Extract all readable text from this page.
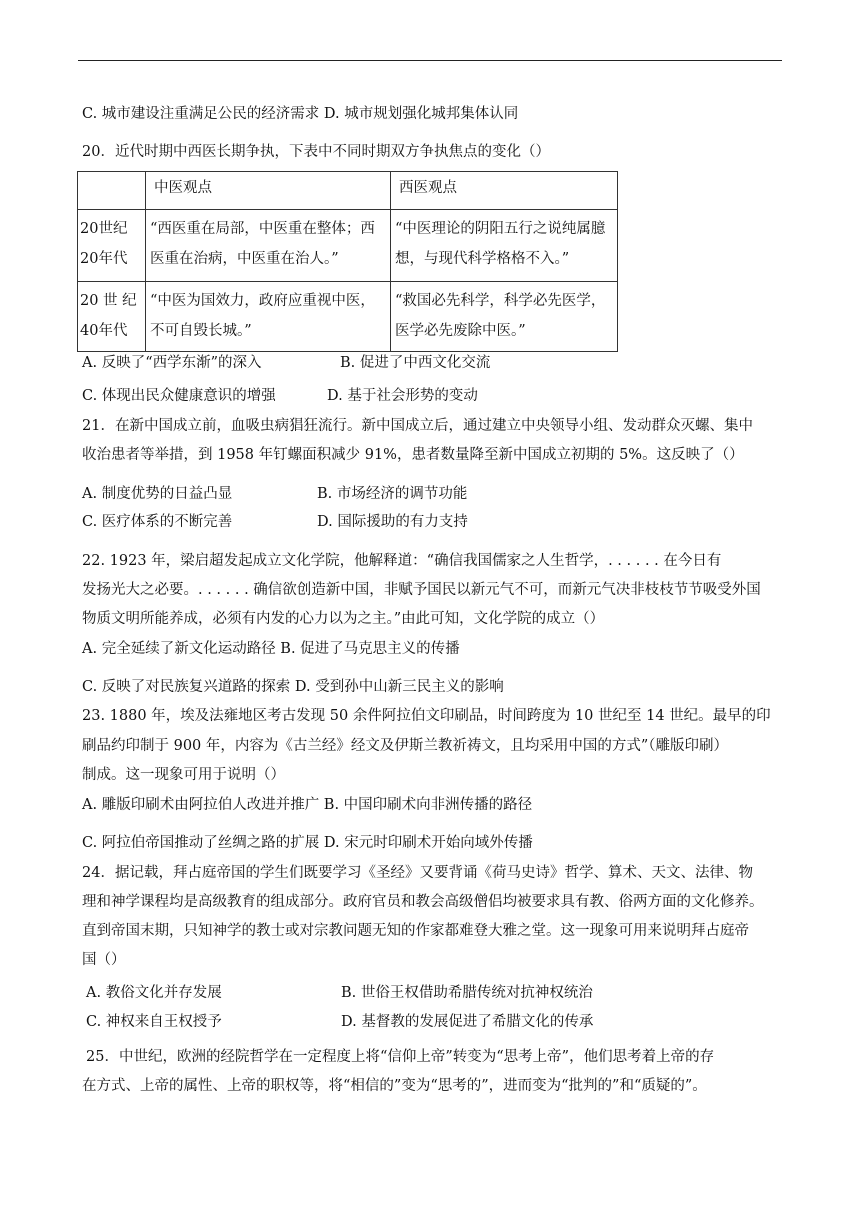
C. 城市建设注重满足公民的经济需求 D. 城市规划强化城邦集体认同
20．近代时期中西医长期争执，下表中不同时期双方争执焦点的变化（）

	中医观点	西医观点

20世纪20年代	“西医重在局部，中医重在整体；西医重在治病，中医重在治人。”	“中医理论的阴阳五行之说纯属臆想，与现代科学格格不入。”

20 世 纪 40年代	“中医为国效力，政府应重视中医，不可自毁长城。”	“救国必先科学，科学必先医学，医学必先废除中医。”
A. 反映了“西学东渐”的深入	B. 促进了中西文化交流
C. 体现出民众健康意识的增强	D. 基于社会形势的变动
21．在新中国成立前，血吸虫病猖狂流行。新中国成立后，通过建立中央领导小组、发动群众灭螺、集中
收治患者等举措，到 1958 年钉螺面积减少 91%，患者数量降至新中国成立初期的 5%。这反映了（）
A. 制度优势的日益凸显	B. 市场经济的调节功能
C. 医疗体系的不断完善	D. 国际援助的有力支持
22. 1923 年，梁启超发起成立文化学院，他解释道：“确信我国儒家之人生哲学，. . . . . . 在今日有
发扬光大之必要。. . . . . . 确信欲创造新中国，非赋予国民以新元气不可，而新元气决非枝枝节节吸受外国
物质文明所能养成，必须有内发的心力以为之主。”由此可知，文化学院的成立（）
A. 完全延续了新文化运动路径 B. 促进了马克思主义的传播
C. 反映了对民族复兴道路的探索 D. 受到孙中山新三民主义的影响
23. 1880 年，埃及法雍地区考古发现 50 余件阿拉伯文印刷品，时间跨度为 10 世纪至 14 世纪。最早的印
刷品约印制于 900 年，内容为《古兰经》经文及伊斯兰教祈祷文，且均采用中国的方式”（雕版印刷）
制成。这一现象可用于说明（）
A. 雕版印刷术由阿拉伯人改进并推广 B. 中国印刷术向非洲传播的路径
C. 阿拉伯帝国推动了丝绸之路的扩展 D. 宋元时印刷术开始向域外传播
24．据记载，拜占庭帝国的学生们既要学习《圣经》又要背诵《荷马史诗》哲学、算术、天文、法律、物
理和神学课程均是高级教育的组成部分。政府官员和教会高级僧侣均被要求具有教、俗两方面的文化修养。
直到帝国末期，只知神学的教士或对宗教问题无知的作家都难登大雅之堂。这一现象可用来说明拜占庭帝
国（）
A. 教俗文化并存发展	B. 世俗王权借助希腊传统对抗神权统治
C. 神权来自王权授予	D. 基督教的发展促进了希腊文化的传承
25．中世纪，欧洲的经院哲学在一定程度上将“信仰上帝”转变为“思考上帝”，他们思考着上帝的存
在方式、上帝的属性、上帝的职权等，将“相信的”变为“思考的”，进而变为“批判的”和“质疑的”。
